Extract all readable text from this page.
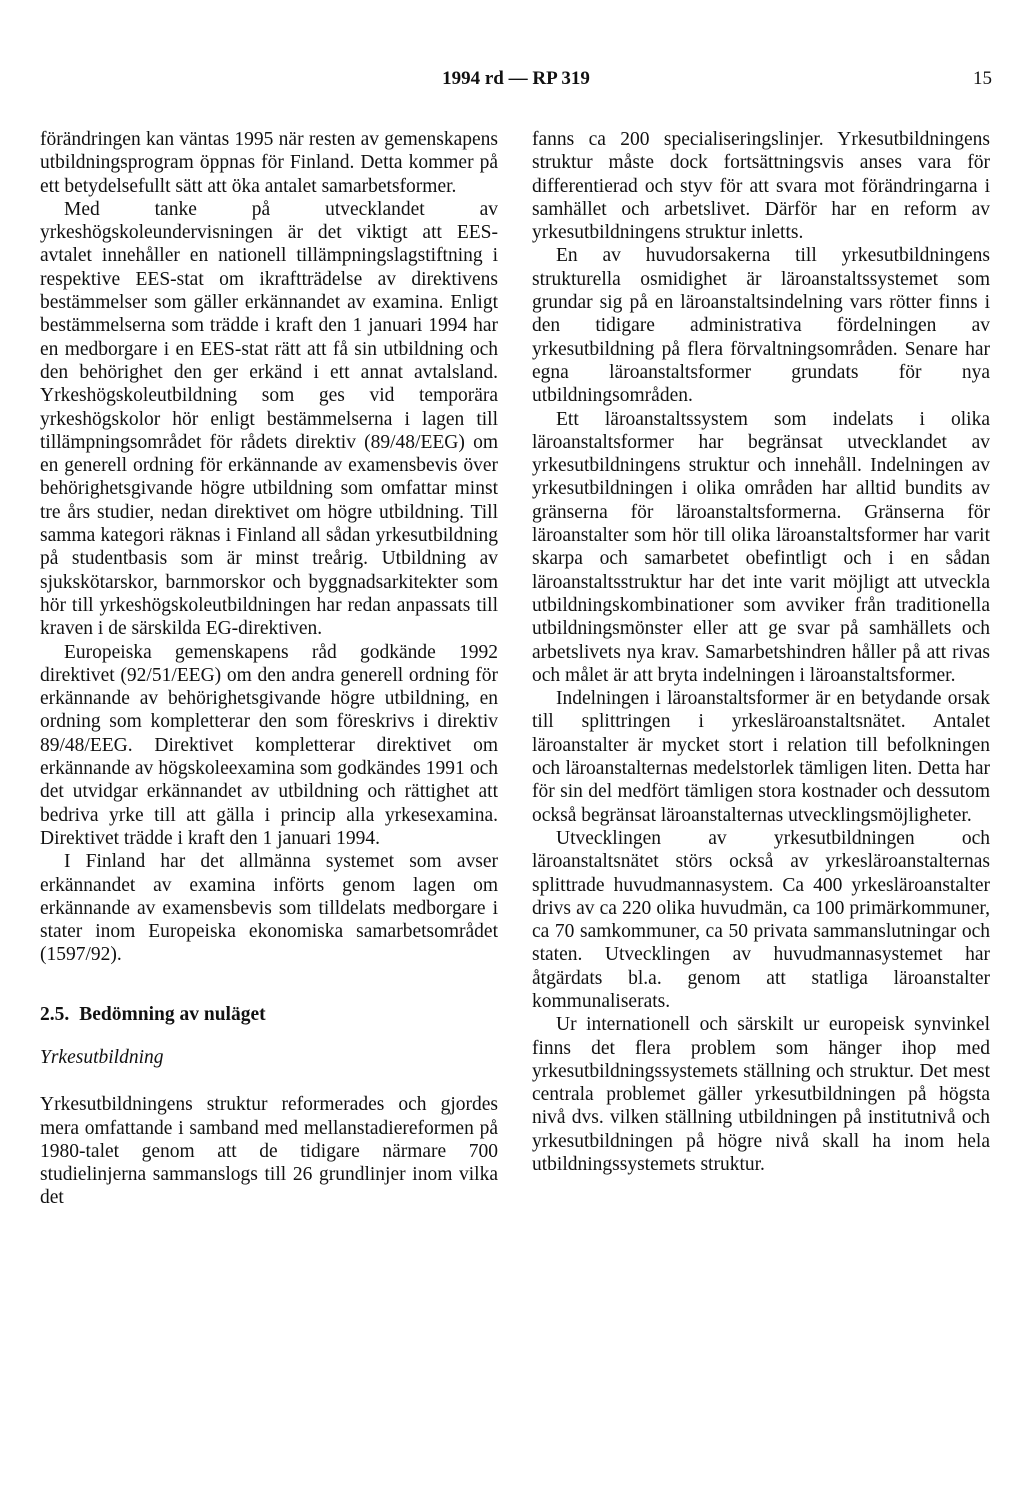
1994 rd — RP 319	15

förändringen kan väntas 1995 när resten av gemenskapens utbildningsprogram öppnas för Finland. Detta kommer på ett betydelsefullt sätt att öka antalet samarbetsformer.

Med tanke på utvecklandet av yrkeshögskoleundervisningen är det viktigt att EES-avtalet innehåller en nationell tillämpningslagstiftning i respektive EES-stat om ikraftträdelse av direktivens bestämmelser som gäller erkännandet av examina. Enligt bestämmelserna som trädde i kraft den 1 januari 1994 har en medborgare i en EES-stat rätt att få sin utbildning och den behörighet den ger erkänd i ett annat avtalsland. Yrkeshögskoleutbildning som ges vid temporära yrkeshögskolor hör enligt bestämmelserna i lagen till tillämpningsområdet för rådets direktiv (89/48/EEG) om en generell ordning för erkännande av examensbevis över behörighetsgivande högre utbildning som omfattar minst tre års studier, nedan direktivet om högre utbildning. Till samma kategori räknas i Finland all sådan yrkesutbildning på studentbasis som är minst treårig. Utbildning av sjukskötarskor, barnmorskor och byggnadsarkitekter som hör till yrkeshögskoleutbildningen har redan anpassats till kraven i de särskilda EG-direktiven.

Europeiska gemenskapens råd godkände 1992 direktivet (92/51/EEG) om den andra generell ordning för erkännande av behörighetsgivande högre utbildning, en ordning som kompletterar den som föreskrivs i direktiv 89/48/EEG. Direktivet kompletterar direktivet om erkännande av högskoleexamina som godkändes 1991 och det utvidgar erkännandet av utbildning och rättighet att bedriva yrke till att gälla i princip alla yrkesexamina. Direktivet trädde i kraft den 1 januari 1994.

I Finland har det allmänna systemet som avser erkännandet av examina införts genom lagen om erkännande av examensbevis som tilldelats medborgare i stater inom Europeiska ekonomiska samarbetsområdet (1597/92).

2.5. Bedömning av nuläget
Yrkesutbildning

Yrkesutbildningens struktur reformerades och gjordes mera omfattande i samband med mellanstadiereformen på 1980-talet genom att de tidigare närmare 700 studielinjerna sammanslogs till 26 grundlinjer inom vilka det

fanns ca 200 specialiseringslinjer. Yrkesutbildningens struktur måste dock fortsättningsvis anses vara för differentierad och styv för att svara mot förändringarna i samhället och arbetslivet. Därför har en reform av yrkesutbildningens struktur inletts.

En av huvudorsakerna till yrkesutbildningens strukturella osmidighet är läroanstaltssystemet som grundar sig på en läroanstaltsindelning vars rötter finns i den tidigare administrativa fördelningen av yrkesutbildning på flera förvaltningsområden. Senare har egna läroanstaltsformer grundats för nya utbildningsområden.

Ett läroanstaltssystem som indelats i olika läroanstaltsformer har begränsat utvecklandet av yrkesutbildningens struktur och innehåll. Indelningen av yrkesutbildningen i olika områden har alltid bundits av gränserna för läroanstaltsformerna. Gränserna för läroanstalter som hör till olika läroanstaltsformer har varit skarpa och samarbetet obefintligt och i en sådan läroanstaltsstruktur har det inte varit möjligt att utveckla utbildningskombinationer som avviker från traditionella utbildningsmönster eller att ge svar på samhällets och arbetslivets nya krav. Samarbetshindren håller på att rivas och målet är att bryta indelningen i läroanstaltsformer.

Indelningen i läroanstaltsformer är en betydande orsak till splittringen i yrkesläroanstaltsnätet. Antalet läroanstalter är mycket stort i relation till befolkningen och läroanstalternas medelstorlek tämligen liten. Detta har för sin del medfört tämligen stora kostnader och dessutom också begränsat läroanstalternas utvecklingsmöjligheter.

Utvecklingen av yrkesutbildningen och läroanstaltsnätet störs också av yrkesläroanstalternas splittrade huvudmannasystem. Ca 400 yrkesläroanstalter drivs av ca 220 olika huvudmän, ca 100 primärkommuner, ca 70 samkommuner, ca 50 privata sammanslutningar och staten. Utvecklingen av huvudmannasystemet har åtgärdats bl.a. genom att statliga läroanstalter kommunaliserats.

Ur internationell och särskilt ur europeisk synvinkel finns det flera problem som hänger ihop med yrkesutbildningssystemets ställning och struktur. Det mest centrala problemet gäller yrkesutbildningen på högsta nivå dvs. vilken ställning utbildningen på institutnivå och yrkesutbildningen på högre nivå skall ha inom hela utbildningssystemets struktur.
